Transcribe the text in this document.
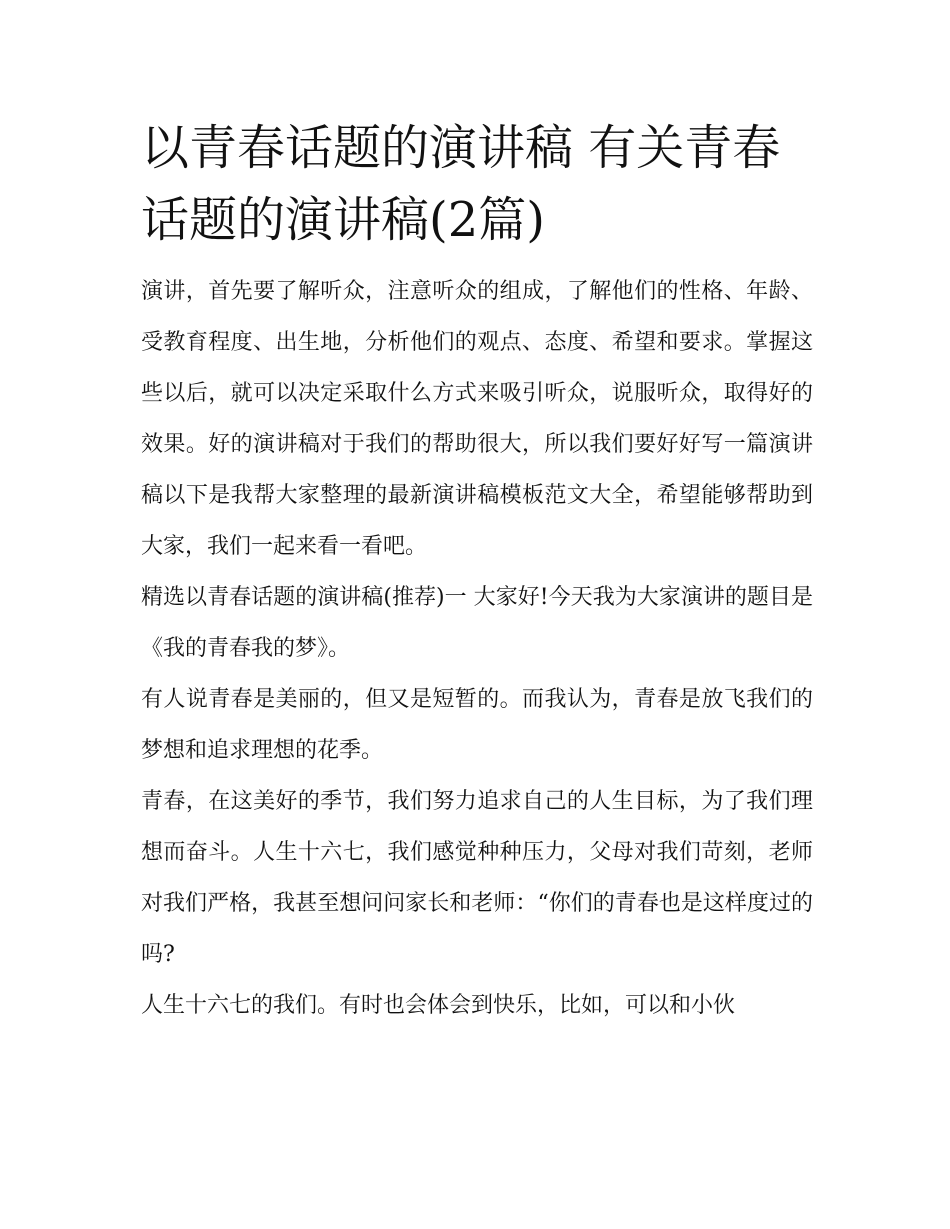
以青春话题的演讲稿 有关青春话题的演讲稿(2篇)

演讲，首先要了解听众，注意听众的组成，了解他们的性格、年龄、受教育程度、出生地，分析他们的观点、态度、希望和要求。掌握这些以后，就可以决定采取什么方式来吸引听众，说服听众，取得好的效果。好的演讲稿对于我们的帮助很大，所以我们要好好写一篇演讲稿以下是我帮大家整理的最新演讲稿模板范文大全，希望能够帮助到大家，我们一起来看一看吧。

精选以青春话题的演讲稿(推荐)一 大家好!今天我为大家演讲的题目是《我的青春我的梦》。

有人说青春是美丽的，但又是短暂的。而我认为，青春是放飞我们的梦想和追求理想的花季。

青春，在这美好的季节，我们努力追求自己的人生目标，为了我们理想而奋斗。人生十六七，我们感觉种种压力，父母对我们苛刻，老师对我们严格，我甚至想问问家长和老师：“你们的青春也是这样度过的吗?

人生十六七的我们。有时也会体会到快乐，比如，可以和小伙
